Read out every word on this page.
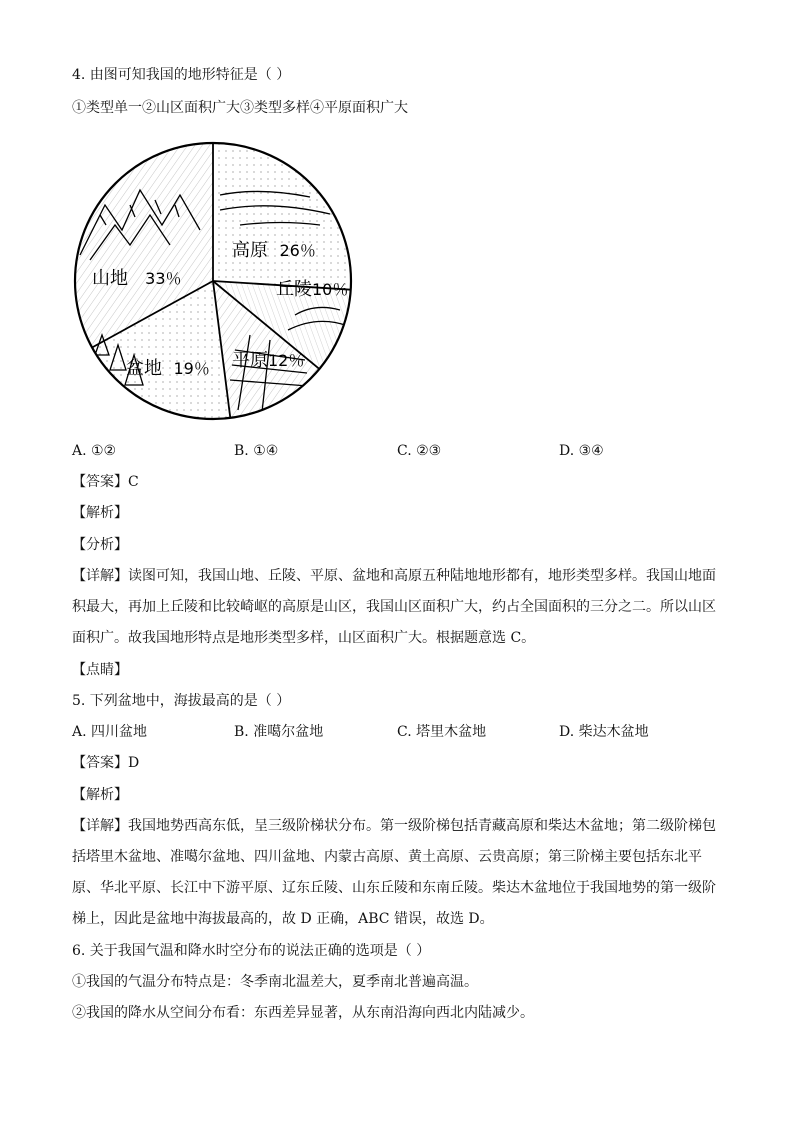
4. 由图可知我国的地形特征是（ ）
①类型单一②山区面积广大③类型多样④平原面积广大
山地 33％
高原 26％
丘陵10％
平原12％
盆地 19％
A. ①②	B. ①④	C. ②③	D. ③④
【答案】C
【解析】
【分析】
【详解】读图可知，我国山地、丘陵、平原、盆地和高原五种陆地地形都有，地形类型多样。我国山地面积最大，再加上丘陵和比较崎岖的高原是山区，我国山区面积广大，约占全国面积的三分之二。所以山区面积广。故我国地形特点是地形类型多样，山区面积广大。根据题意选 C。
【点睛】
5. 下列盆地中，海拔最高的是（ ）
A. 四川盆地	B. 准噶尔盆地	C. 塔里木盆地	D. 柴达木盆地
【答案】D
【解析】
【详解】我国地势西高东低，呈三级阶梯状分布。第一级阶梯包括青藏高原和柴达木盆地；第二级阶梯包括塔里木盆地、准噶尔盆地、四川盆地、内蒙古高原、黄土高原、云贵高原；第三阶梯主要包括东北平原、华北平原、长江中下游平原、辽东丘陵、山东丘陵和东南丘陵。柴达木盆地位于我国地势的第一级阶梯上，因此是盆地中海拔最高的，故 D 正确，ABC 错误，故选 D。
6. 关于我国气温和降水时空分布的说法正确的选项是（ ）
①我国的气温分布特点是：冬季南北温差大，夏季南北普遍高温。
②我国的降水从空间分布看：东西差异显著，从东南沿海向西北内陆减少。
